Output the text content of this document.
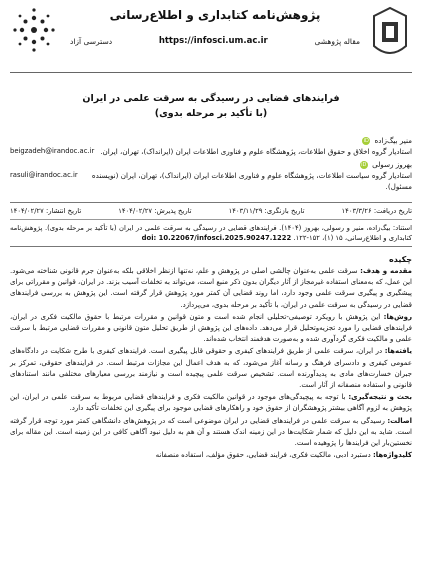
پژوهش‌نامه کتابداری و اطلاع‌رسانی
مقاله پژوهشی
https://infosci.um.ac.ir
دسترسی آزاد
فرایندهای قضایی در رسیدگی به سرقت علمی در ایران
(با تأکید بر مرحله بدوی)
منیر بیگ‌زاده iD
استادیار گروه اخلاق و حقوق اطلاعات، پژوهشگاه علوم و فناوری اطلاعات ایران (ایرانداک)، تهران، ایران.
beigzadeh@irandoc.ac.ir
بهروز رسولی iD
استادیار گروه سیاست اطلاعات، پژوهشگاه علوم و فناوری اطلاعات ایران (ایرانداک)، تهران، ایران (نویسنده مسئول).
rasuli@irandoc.ac.ir
تاریخ دریافت: ۱۴۰۳/۳/۲۶
تاریخ بازنگری: ۱۴۰۳/۱۱/۲۹
تاریخ پذیرش: ۱۴۰۴/۰۲/۲۷
تاریخ انتشار: ۱۴۰۴/۰۲/۲۷
استناد: بیگ‌زاده، منیر و رسولی، بهروز (۱۴۰۴). فرایندهای قضایی در رسیدگی به سرقت علمی در ایران (با تأکید بر مرحله بدوی). پژوهش‌نامه کتابداری و اطلاع‌رسانی، ۱۵ (۱)، ۱۵۲-۱۲۲. doi: 10.22067/infosci.2025.90247.1222
چکیده

مقدمه و هدف: سرقت علمی به‌عنوان چالشی اصلی در پژوهش و علم، نه‌تنها ازنظر اخلاقی بلکه به‌عنوان جرم قانونی شناخته می‌شود. این عمل، که به‌معنای استفاده غیرمجاز از آثار دیگران بدون ذکر منبع است، می‌تواند به تخلفات آسیب بزند. در ایران، قوانین و مقرراتی برای پیشگیری و پیگیری سرقت علمی وجود دارد، اما روند قضایی آن کمتر مورد پژوهش قرار گرفته است. این پژوهش به بررسی فرایندهای قضایی در رسیدگی به سرقت علمی در ایران، با تأکید بر مرحله بدوی، می‌پردازد.

روش‌ها: این پژوهش با رویکرد توصیفی-تحلیلی انجام شده است و متون قوانین و مقررات مرتبط با حقوق مالکیت فکری در ایران، فرایندهای قضایی را مورد تجزیه‌وتحلیل قرار می‌دهد. داده‌های این پژوهش از طریق تحلیل متون قانونی و مقررات قضایی مرتبط با سرقت علمی و مالکیت فکری گردآوری شده و به‌صورت هدفمند انتخاب شده‌اند.

یافته‌ها: در ایران، سرقت علمی از طریق فرایندهای کیفری و حقوقی قابل پیگیری است. فرایندهای کیفری با طرح شکایت در دادگاه‌های عمومی کیفری و دادسرای فرهنگ و رسانه آغاز می‌شود، که به هدف اعمال این مجازات مرتبط است. در فرایندهای حقوقی، تمرکز بر جبران خسارت‌های مادی به پدیدآورنده است. تشخیص سرقت علمی پیچیده است و نیازمند بررسی معیارهای مختلفی مانند استنادهای قانونی و استفاده منصفانه از آثار است.

بحث و نتیجه‌گیری: با توجه به پیچیدگی‌های موجود در قوانین مالکیت فکری و فرایندهای قضایی مربوط به سرقت علمی در ایران، این پژوهش به لزوم آگاهی بیشتر پژوهشگران از حقوق خود و راهکارهای قضایی موجود برای پیگیری این تخلفات تأکید دارد.

اصالت: رسیدگی به سرقت علمی در فرایندهای قضایی در ایران موضوعی است که در پژوهش‌های دانشگاهی کمتر مورد توجه قرار گرفته است. شاید به این دلیل که شمار شکایت‌ها در این زمینه اندک هستند و آن هم به دلیل نبود آگاهی کافی در این زمینه است. این مقاله برای نخستین‌بار این فرایندها را پژوهیده است.

کلیدواژه‌ها: دستبرد ادبی، مالکیت فکری، فرایند قضایی، حقوق مؤلف، استفاده منصفانه
